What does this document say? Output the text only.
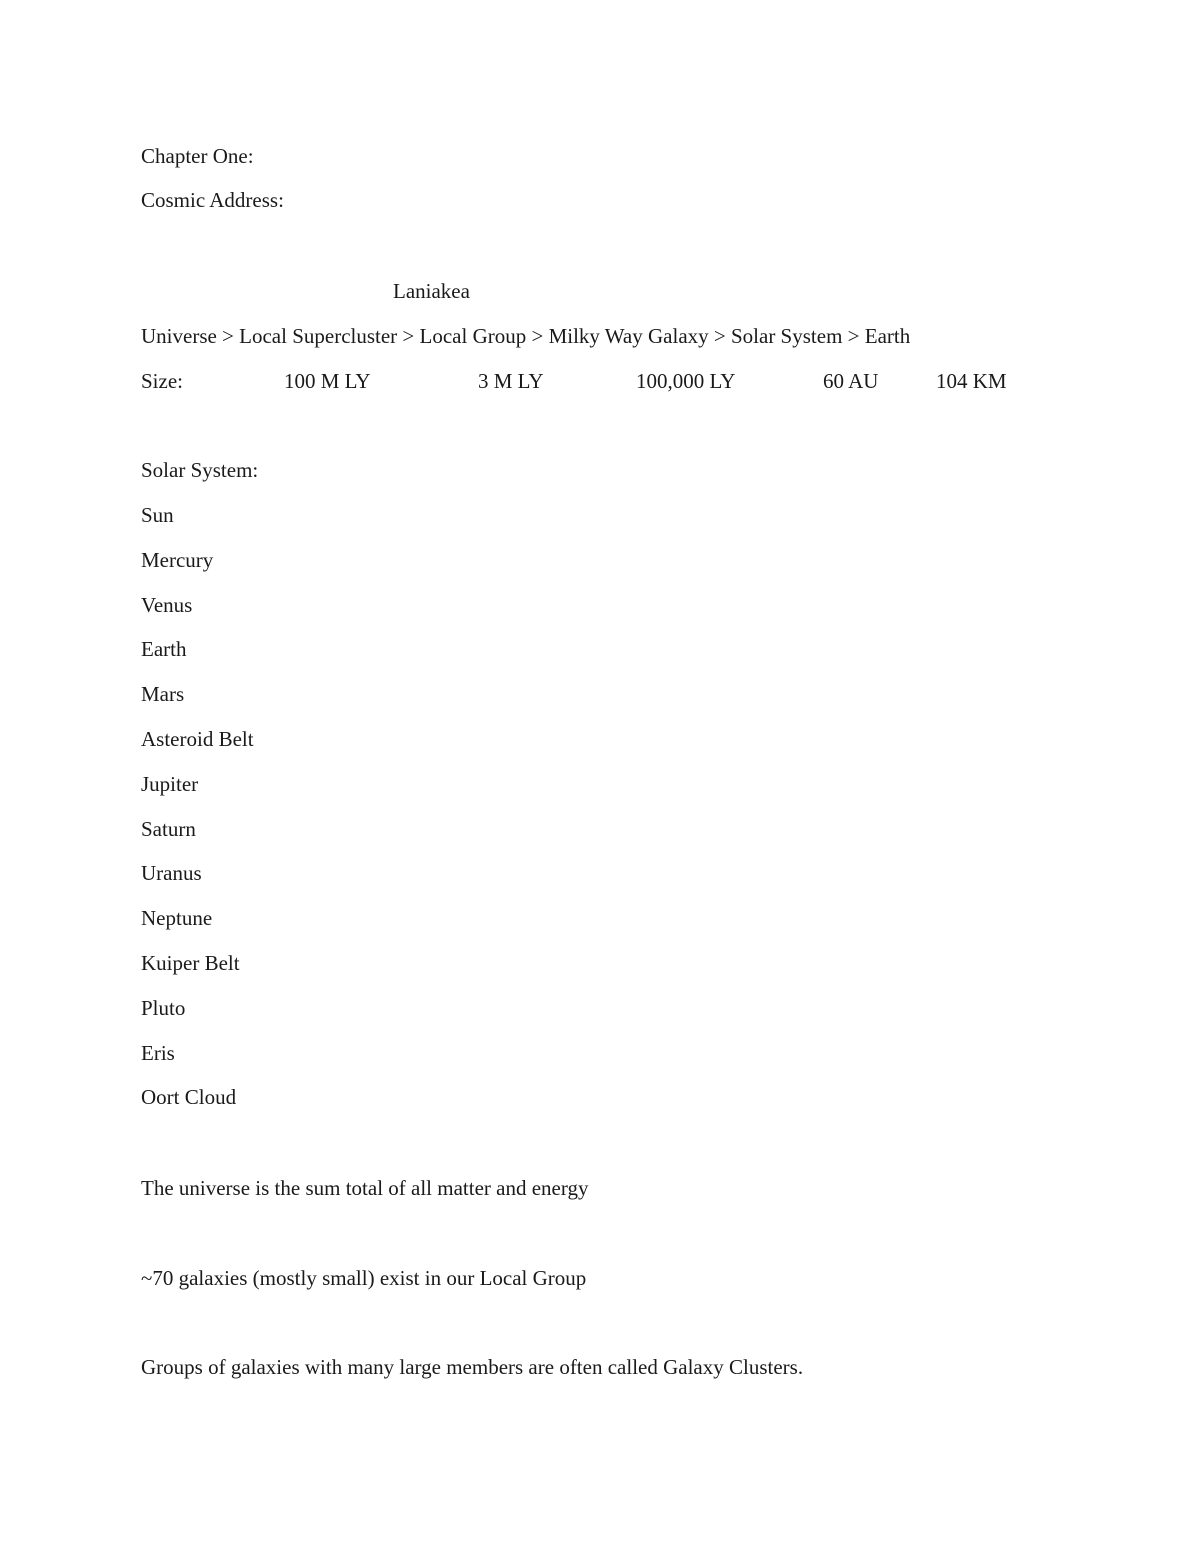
Chapter One:
Cosmic Address:
Laniakea
Universe > Local Supercluster > Local Group > Milky Way Galaxy > Solar System > Earth
Size:	100 M LY	3 M LY	100,000 LY	60 AU	104 KM
Solar System:
Sun
Mercury
Venus
Earth
Mars
Asteroid Belt
Jupiter
Saturn
Uranus
Neptune
Kuiper Belt
Pluto
Eris
Oort Cloud
The universe is the sum total of all matter and energy
~70 galaxies (mostly small) exist in our Local Group
Groups of galaxies with many large members are often called Galaxy Clusters.
